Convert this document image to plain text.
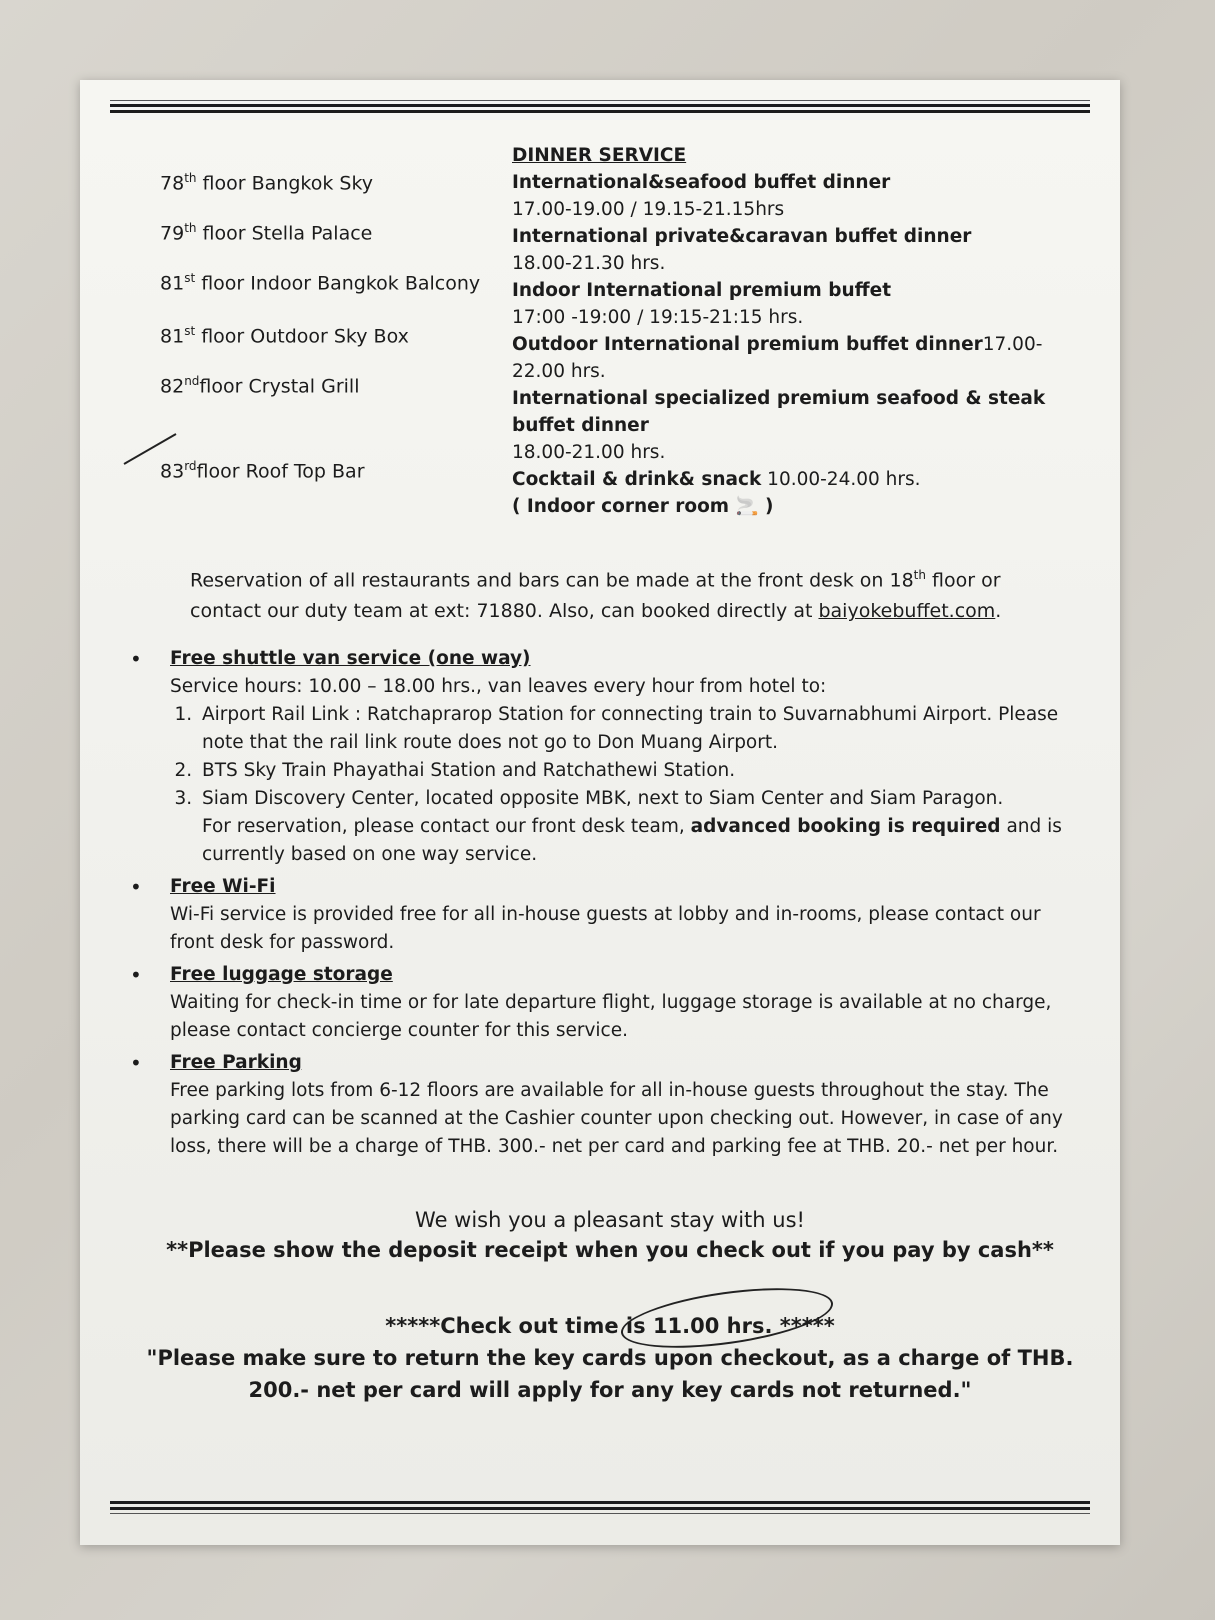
78th floor Bangkok Sky
79th floor Stella Palace
81st floor Indoor Bangkok Balcony
81st floor Outdoor Sky Box
82ndfloor Crystal Grill
83rdfloor Roof Top Bar
DINNER SERVICE
International&seafood buffet dinner
17.00-19.00 / 19.15-21.15hrs
International private&caravan buffet dinner
18.00-21.30 hrs.
Indoor International premium buffet
17:00 -19:00 / 19:15-21:15 hrs.
Outdoor International premium buffet dinner17.00-22.00 hrs.
International specialized premium seafood & steak buffet dinner
18.00-21.00 hrs.
Cocktail & drink& snack 10.00-24.00 hrs.
( Indoor corner room 🚬 )
Reservation of all restaurants and bars can be made at the front desk on 18th floor or contact our duty team at ext: 71880. Also, can booked directly at baiyokebuffet.com.
• Free shuttle van service (one way)
Service hours: 10.00 – 18.00 hrs., van leaves every hour from hotel to:
1. Airport Rail Link : Ratchaprarop Station for connecting train to Suvarnabhumi Airport. Please note that the rail link route does not go to Don Muang Airport.
2. BTS Sky Train Phayathai Station and Ratchathewi Station.
3. Siam Discovery Center, located opposite MBK, next to Siam Center and Siam Paragon.
For reservation, please contact our front desk team, advanced booking is required and is currently based on one way service.
• Free Wi-Fi
Wi-Fi service is provided free for all in-house guests at lobby and in-rooms, please contact our front desk for password.
• Free luggage storage
Waiting for check-in time or for late departure flight, luggage storage is available at no charge, please contact concierge counter for this service.
• Free Parking
Free parking lots from 6-12 floors are available for all in-house guests throughout the stay. The parking card can be scanned at the Cashier counter upon checking out. However, in case of any loss, there will be a charge of THB. 300.- net per card and parking fee at THB. 20.- net per hour.
We wish you a pleasant stay with us!
**Please show the deposit receipt when you check out if you pay by cash**
*****Check out time is 11.00 hrs. *****
"Please make sure to return the key cards upon checkout, as a charge of THB. 200.- net per card will apply for any key cards not returned."
